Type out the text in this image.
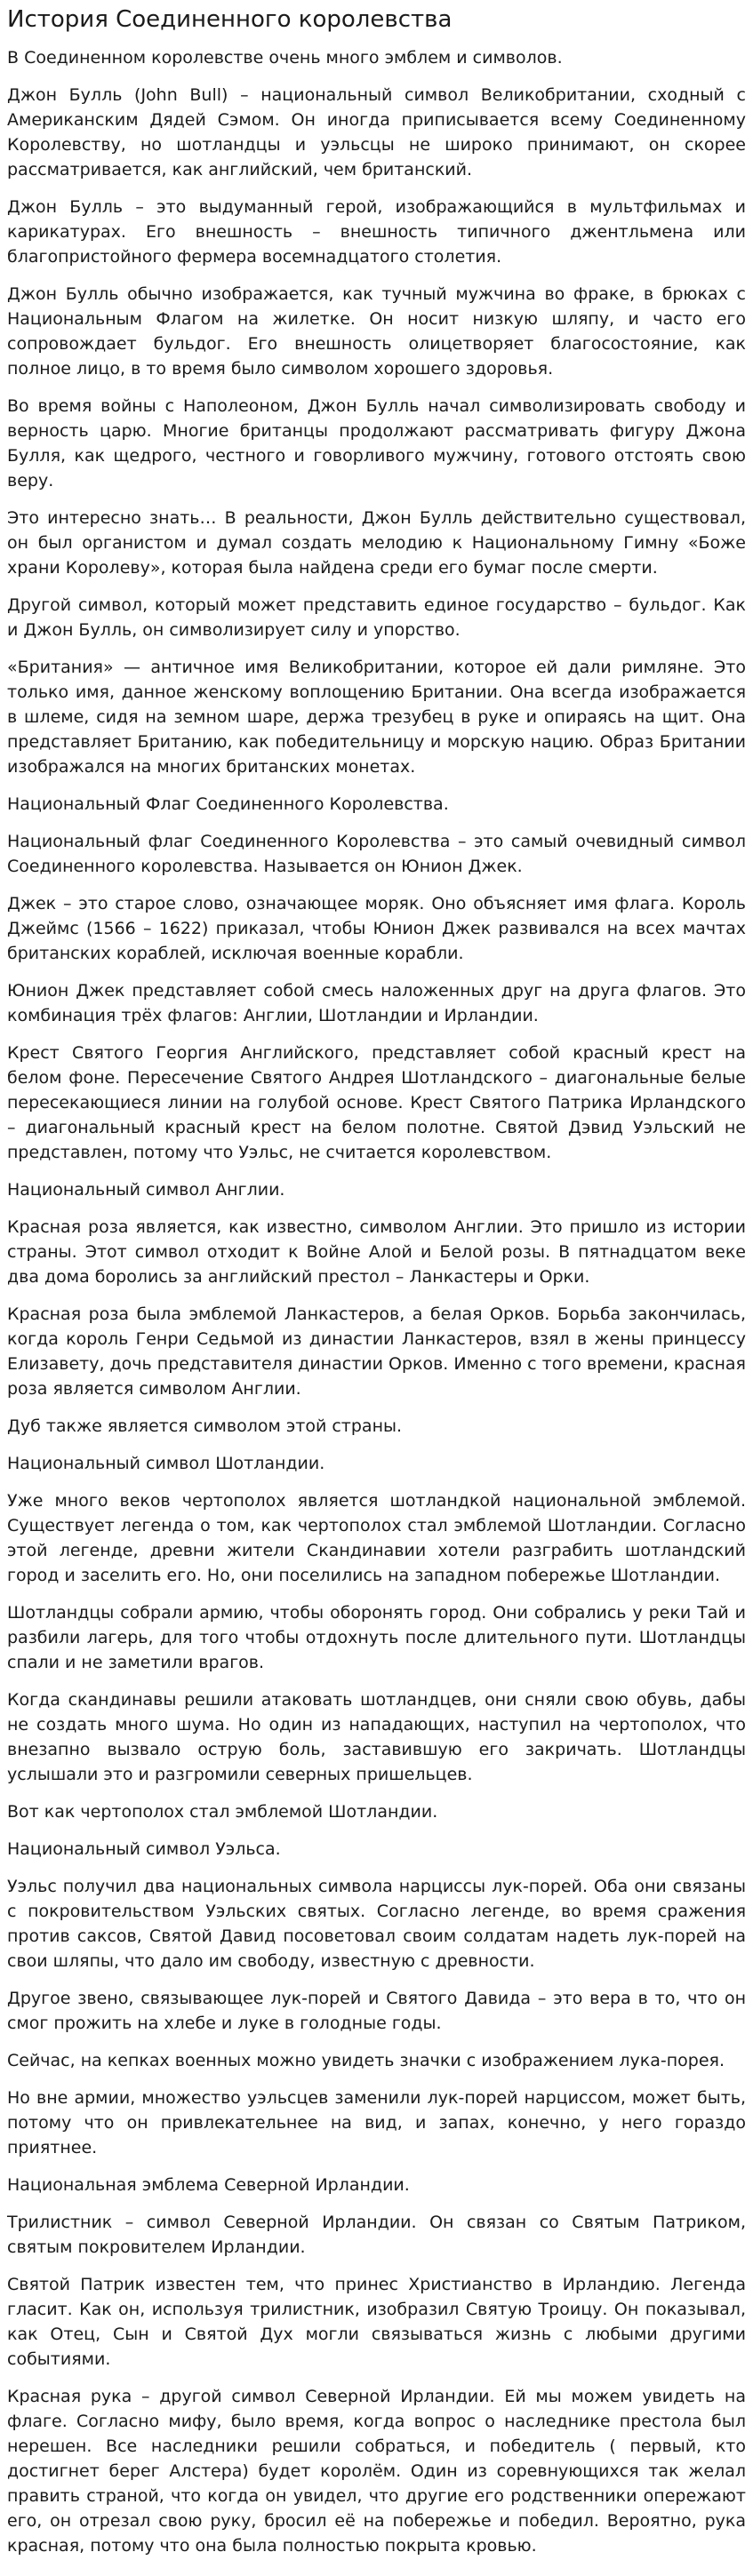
История Соединенного королевства

В Соединенном королевстве очень много эмблем и символов.

Джон Булль (John Bull) – национальный символ Великобритании, сходный с Американским Дядей Сэмом. Он иногда приписывается всему Соединенному Королевству, но шотландцы и уэльсцы не широко принимают, он скорее рассматривается, как английский, чем британский.

Джон Булль – это выдуманный герой, изображающийся в мультфильмах и карикатурах. Его внешность – внешность типичного джентльмена или благопристойного фермера восемнадцатого столетия.

Джон Булль обычно изображается, как тучный мужчина во фраке, в брюках с Национальным Флагом на жилетке. Он носит низкую шляпу, и часто его сопровождает бульдог. Его внешность олицетворяет благосостояние, как полное лицо, в то время было символом хорошего здоровья.

Во время войны с Наполеоном, Джон Булль начал символизировать свободу и верность царю. Многие британцы продолжают рассматривать фигуру Джона Булля, как щедрого, честного и говорливого мужчину, готового отстоять свою веру.

Это интересно знать… В реальности, Джон Булль действительно существовал, он был органистом и думал создать мелодию к Национальному Гимну «Боже храни Королеву», которая была найдена среди его бумаг после смерти.

Другой символ, который может представить единое государство – бульдог. Как и Джон Булль, он символизирует силу и упорство.

«Британия» — античное имя Великобритании, которое ей дали римляне. Это только имя, данное женскому воплощению Британии. Она всегда изображается в шлеме, сидя на земном шаре, держа трезубец в руке и опираясь на щит. Она представляет Британию, как победительницу и морскую нацию. Образ Британии изображался на многих британских монетах.

Национальный Флаг Соединенного Королевства.

Национальный флаг Соединенного Королевства – это самый очевидный символ Соединенного королевства. Называется он Юнион Джек.

Джек – это старое слово, означающее моряк. Оно объясняет имя флага. Король Джеймс (1566 – 1622) приказал, чтобы Юнион Джек развивался на всех мачтах британских кораблей, исключая военные корабли.

Юнион Джек представляет собой смесь наложенных друг на друга флагов. Это комбинация трёх флагов: Англии, Шотландии и Ирландии.

Крест Святого Георгия Английского, представляет собой красный крест на белом фоне. Пересечение Святого Андрея Шотландского – диагональные белые пересекающиеся линии на голубой основе. Крест Святого Патрика Ирландского – диагональный красный крест на белом полотне. Святой Дэвид Уэльский не представлен, потому что Уэльс, не считается королевством.

Национальный символ Англии.

Красная роза является, как известно, символом Англии. Это пришло из истории страны. Этот символ отходит к Войне Алой и Белой розы. В пятнадцатом веке два дома боролись за английский престол – Ланкастеры и Орки.

Красная роза была эмблемой Ланкастеров, а белая Орков. Борьба закончилась, когда король Генри Седьмой из династии Ланкастеров, взял в жены принцессу Елизавету, дочь представителя династии Орков. Именно с того времени, красная роза является символом Англии.

Дуб также является символом этой страны.

Национальный символ Шотландии.

Уже много веков чертополох является шотландкой национальной эмблемой. Существует легенда о том, как чертополох стал эмблемой Шотландии. Согласно этой легенде, древни жители Скандинавии хотели разграбить шотландский город и заселить его. Но, они поселились на западном побережье Шотландии.

Шотландцы собрали армию, чтобы оборонять город. Они собрались у реки Тай и разбили лагерь, для того чтобы отдохнуть после длительного пути. Шотландцы спали и не заметили врагов.

Когда скандинавы решили атаковать шотландцев, они сняли свою обувь, дабы не создать много шума. Но один из нападающих, наступил на чертополох, что внезапно вызвало острую боль, заставившую его закричать. Шотландцы услышали это и разгромили северных пришельцев.

Вот как чертополох стал эмблемой Шотландии.

Национальный символ Уэльса.

Уэльс получил два национальных символа нарциссы лук-порей. Оба они связаны с покровительством Уэльских святых. Согласно легенде, во время сражения против саксов, Святой Давид посоветовал своим солдатам надеть лук-порей на свои шляпы, что дало им свободу, известную с древности.

Другое звено, связывающее лук-порей и Святого Давида – это вера в то, что он смог прожить на хлебе и луке в голодные годы.

Сейчас, на кепках военных можно увидеть значки с изображением лука-порея.

Но вне армии, множество уэльсцев заменили лук-порей нарциссом, может быть, потому что он привлекательнее на вид, и запах, конечно, у него гораздо приятнее.

Национальная эмблема Северной Ирландии.

Трилистник – символ Северной Ирландии. Он связан со Святым Патриком, святым покровителем Ирландии.

Святой Патрик известен тем, что принес Христианство в Ирландию. Легенда гласит. Как он, используя трилистник, изобразил Святую Троицу. Он показывал, как Отец, Сын и Святой Дух могли связываться жизнь с любыми другими событиями.

Красная рука – другой символ Северной Ирландии. Ей мы можем увидеть на флаге. Согласно мифу, было время, когда вопрос о наследнике престола был нерешен. Все наследники решили собраться, и победитель ( первый, кто достигнет берег Алстера) будет королём. Один из соревнующихся так желал править страной, что когда он увидел, что другие его родственники опережают его, он отрезал свою руку, бросил её на побережье и победил. Вероятно, рука красная, потому что она была полностью покрыта кровью.
